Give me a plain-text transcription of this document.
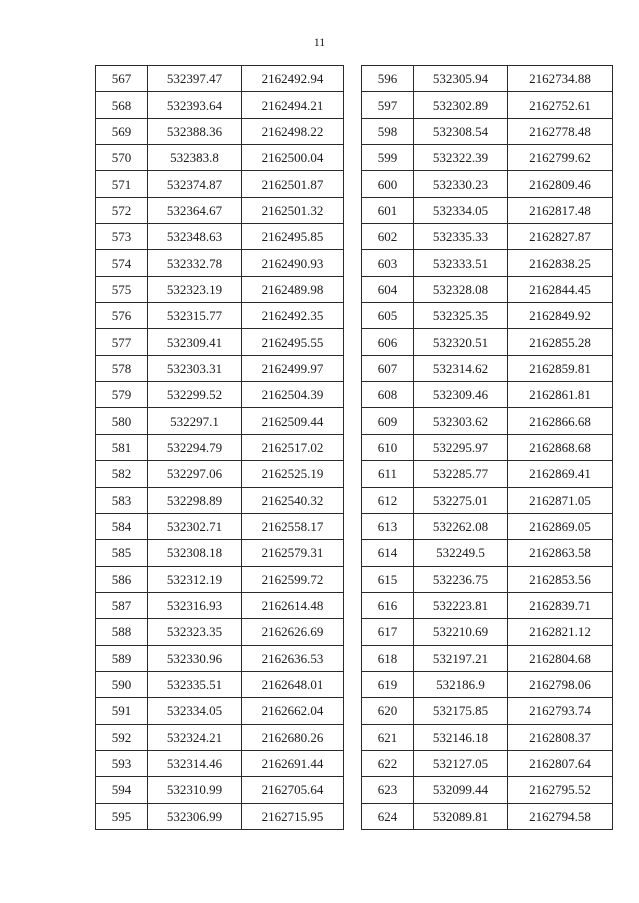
11
567	532397.47	2162492.94
568	532393.64	2162494.21
569	532388.36	2162498.22
570	532383.8	2162500.04
571	532374.87	2162501.87
572	532364.67	2162501.32
573	532348.63	2162495.85
574	532332.78	2162490.93
575	532323.19	2162489.98
576	532315.77	2162492.35
577	532309.41	2162495.55
578	532303.31	2162499.97
579	532299.52	2162504.39
580	532297.1	2162509.44
581	532294.79	2162517.02
582	532297.06	2162525.19
583	532298.89	2162540.32
584	532302.71	2162558.17
585	532308.18	2162579.31
586	532312.19	2162599.72
587	532316.93	2162614.48
588	532323.35	2162626.69
589	532330.96	2162636.53
590	532335.51	2162648.01
591	532334.05	2162662.04
592	532324.21	2162680.26
593	532314.46	2162691.44
594	532310.99	2162705.64
595	532306.99	2162715.95
596	532305.94	2162734.88
597	532302.89	2162752.61
598	532308.54	2162778.48
599	532322.39	2162799.62
600	532330.23	2162809.46
601	532334.05	2162817.48
602	532335.33	2162827.87
603	532333.51	2162838.25
604	532328.08	2162844.45
605	532325.35	2162849.92
606	532320.51	2162855.28
607	532314.62	2162859.81
608	532309.46	2162861.81
609	532303.62	2162866.68
610	532295.97	2162868.68
611	532285.77	2162869.41
612	532275.01	2162871.05
613	532262.08	2162869.05
614	532249.5	2162863.58
615	532236.75	2162853.56
616	532223.81	2162839.71
617	532210.69	2162821.12
618	532197.21	2162804.68
619	532186.9	2162798.06
620	532175.85	2162793.74
621	532146.18	2162808.37
622	532127.05	2162807.64
623	532099.44	2162795.52
624	532089.81	2162794.58
